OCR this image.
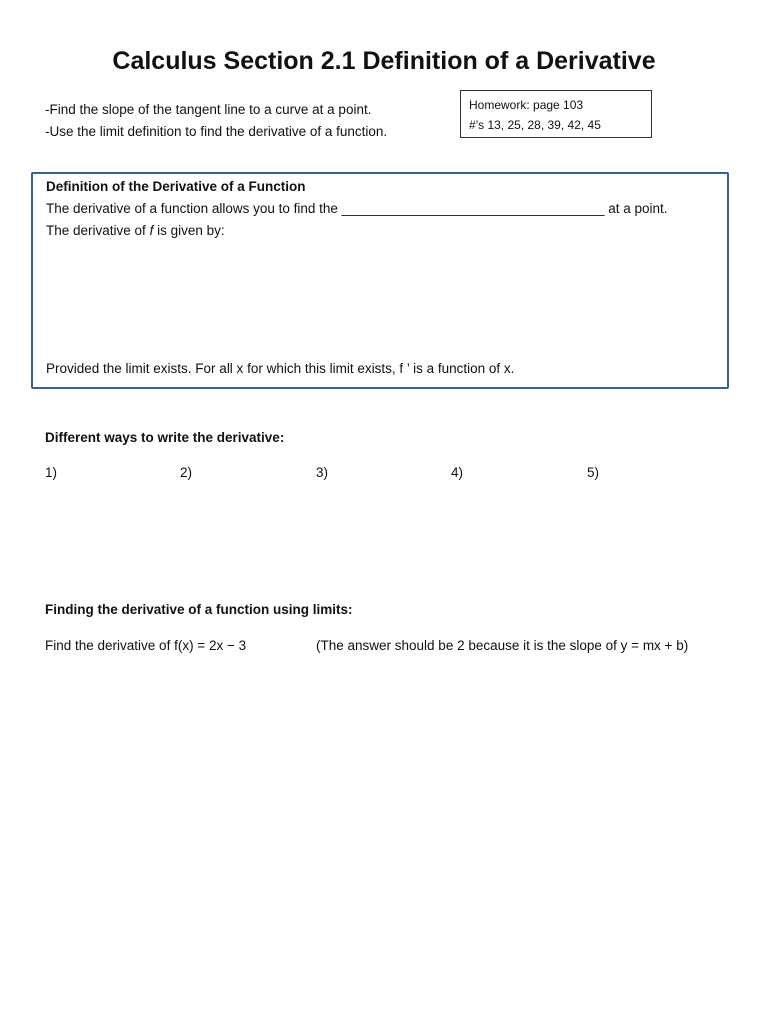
Calculus Section 2.1 Definition of a Derivative
-Find the slope of the tangent line to a curve at a point.
-Use the limit definition to find the derivative of a function.
Homework: page 103
#’s 13, 25, 28, 39, 42, 45
Definition of the Derivative of a Function
The derivative of a function allows you to find the ___________________________________ at a point.
The derivative of f is given by:
Provided the limit exists. For all x for which this limit exists, f ’ is a function of x.
Different ways to write the derivative:
1)	2)	3)	4)	5)
Finding the derivative of a function using limits:
Find the derivative of f(x) = 2x − 3	(The answer should be 2 because it is the slope of y = mx + b)
